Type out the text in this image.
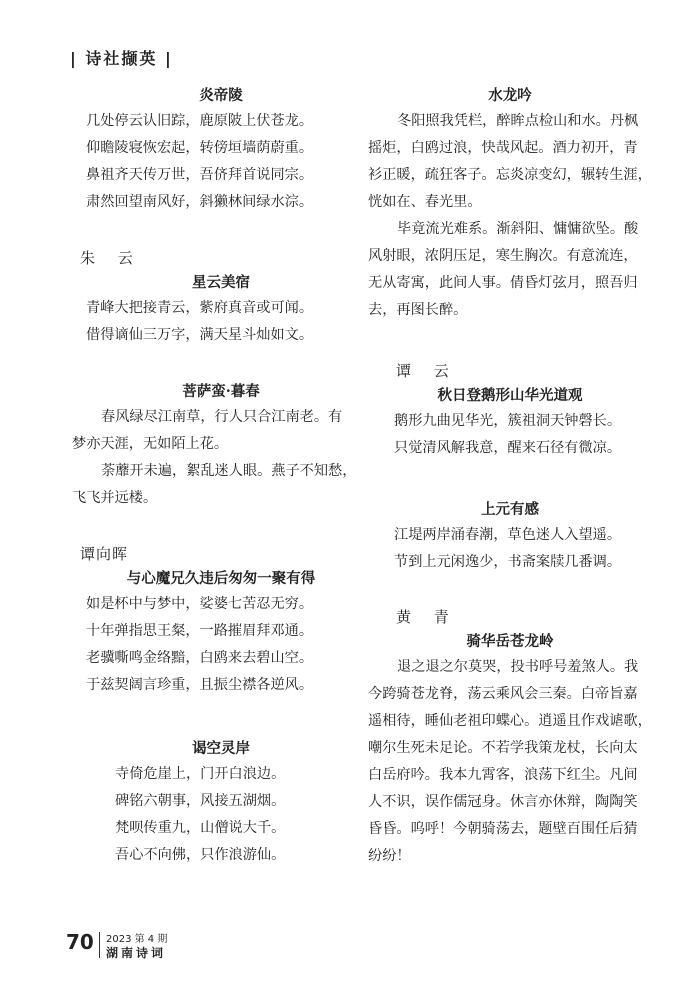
| 诗社撷英 |

炎帝陵

几处停云认旧踪，鹿原陂上伏苍龙。

仰瞻陵寝恢宏起，转傍垣墙荫蔚重。

鼻祖齐天传万世，吾侪拜首说同宗。

肃然回望南风好，斜獭林间绿水淙。

朱 云

星云美宿

青峰大把接青云，紫府真音或可闻。

借得谪仙三万字，满天星斗灿如文。

菩萨蛮·暮春

春风绿尽江南草，行人只合江南老。有

梦亦天涯，无如陌上花。

荼蘼开未遍，絮乱迷人眼。燕子不知愁，

飞飞并远楼。

谭向晖

与心魔兄久违后匆匆一聚有得

如是杯中与梦中，娑婆七苦忍无穷。

十年弹指思王粲，一路摧眉拜邓通。

老骥嘶鸣金络黯，白鸥来去碧山空。

于兹契阔言珍重，且振尘襟各逆风。

谒空灵岸

寺倚危崖上，门开白浪边。

碑铭六朝事，风接五湖烟。

梵呗传重九，山僧说大千。

吾心不向佛，只作浪游仙。

水龙吟

冬阳照我凭栏，醉眸点检山和水。丹枫

摇炬，白鸥过浪，快哉风起。酒力初开，青

衫正暖，疏狂客子。忘炎凉变幻，辗转生涯，

恍如在、春光里。

毕竟流光难系。渐斜阳、慵慵欲坠。酸

风射眼，浓阴压足，寒生胸次。有意流连，

无从寄寓，此间人事。倩昏灯弦月，照吾归

去，再图长醉。

谭 云

秋日登鹅形山华光道观

鹅形九曲见华光，簇祖洞天钟磬长。

只觉清风解我意，醒来石径有微凉。

上元有感

江堤两岸涌春潮，草色迷人入望遥。

节到上元闲逸少，书斋案牍几番调。

黄 青

骑华岳苍龙岭

退之退之尔莫哭，投书呼号羞煞人。我

今跨骑苍龙脊，荡云乘风会三秦。白帝旨嘉

遥相待，睡仙老祖印蝶心。逍遥且作戏谑歌，

嘲尔生死未足论。不若学我策龙杖，长向太

白岳府吟。我本九霄客，浪荡下红尘。凡间

人不识，误作儒冠身。休言亦休辩，陶陶笑

昏昏。呜呼！今朝骑荡去，题壁百围任后猜

纷纷！

70 2023 第 4 期
湖南诗词
